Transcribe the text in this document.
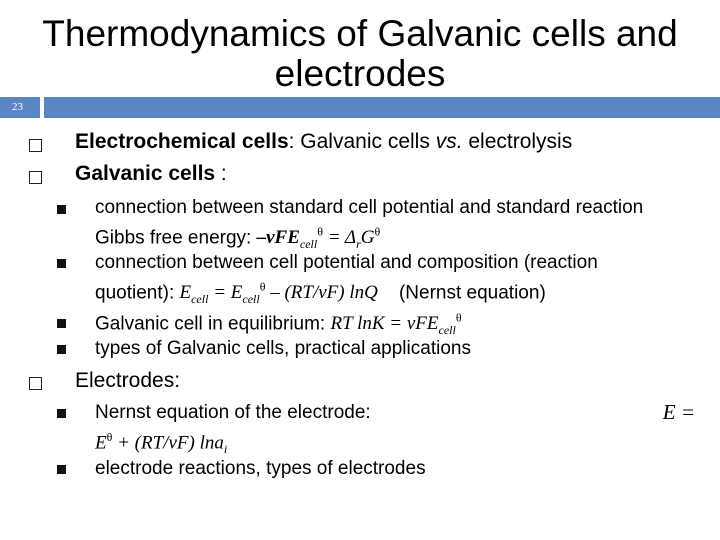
Thermodynamics of Galvanic cells and
electrodes
23
Electrochemical cells: Galvanic cells vs. electrolysis
Galvanic cells :
connection between standard cell potential and standard reaction
Gibbs free energy: $-\nu FE_{cell}^\theta = \Delta_rG^\theta$
connection between cell potential and composition (reaction
quotient): $E_{cell} = E_{cell}^\theta - (RT/\nu F)$ lnQ    (Nernst equation)
Galvanic cell in equilibrium: RT lnK = νFE$_{cell}^\theta$
types of Galvanic cells, practical applications
Electrodes:
Nernst equation of the electrode:	E =
$E^\theta + (RT/\nu F)$ lna$_i$
electrode reactions, types of electrodes
